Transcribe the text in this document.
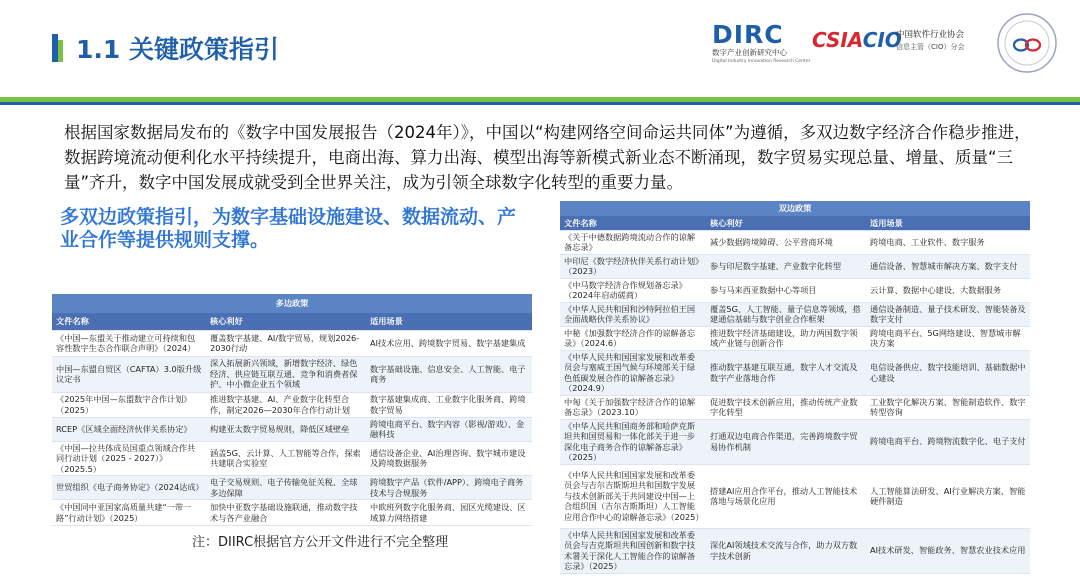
1.1 关键政策指引
DIRC
数字产业创新研究中心
Digital Industry Innovation Research Center
CSIACIO
中国软件行业协会
信息主管（CIO）分会
根据国家数据局发布的《数字中国发展报告（2024年）》，中国以“构建网络空间命运共同体”为遵循，多双边数字经济合作稳步推进，数据跨境流动便利化水平持续提升，电商出海、算力出海、模型出海等新模式新业态不断涌现，数字贸易实现总量、增量、质量“三量”齐升，数字中国发展成就受到全世界关注，成为引领全球数字化转型的重要力量。
多双边政策指引，为数字基础设施建设、数据流动、产业合作等提供规则支撑。
多边政策		
文件名称	核心利好	适用场景
《中国—东盟关于推动建立可持续和包容性数字生态合作联合声明》（2024）	覆盖数字基建、AI/数字贸易，规划2026-2030行动	AI技术应用、跨境数字贸易、数字基建集成
中国—东盟自贸区（CAFTA）3.0版升级议定书	深入拓展新兴领域，新增数字经济、绿色经济、供应链互联互通、竞争和消费者保护、中小微企业五个领域	数字基础设施、信息安全、人工智能、电子商务
《2025年中国—东盟数字合作计划》（2025）	推进数字基建、AI、产业数字化转型合作，制定2026—2030年合作行动计划	数字基建集成商、工业数字化服务商、跨境数字贸易
RCEP《区域全面经济伙伴关系协定》	构建亚太数字贸易规则，降低区域壁垒	跨境电商平台、数字内容（影视/游戏）、金融科技
《中国—拉共体成员国重点领域合作共同行动计划（2025 - 2027）》（2025.5）	涵盖5G、云计算、人工智能等合作，探索共建联合实验室	通信设备企业、AI治理咨询、数字城市建设及跨境数据服务
世贸组织《电子商务协定》（2024达成）	电子交易规则、电子传输免征关税、全球多边保障	跨境数字产品（软件/APP）、跨境电子商务技术与合规服务
《中国同中亚国家高质量共建“一带一路”行动计划》（2025）	加快中亚数字基础设施联通，推动数字技术与各产业融合	中欧班列数字化服务商、园区光缆建设、区域算力网络搭建
双边政策		
文件名称	核心利好	适用场景
《关于中德数据跨境流动合作的谅解备忘录》	减少数据跨境障碍、公平营商环境	跨境电商、工业软件、数字服务
中印尼《数字经济伙伴关系行动计划》（2023）	参与印尼数字基建、产业数字化转型	通信设备、智慧城市解决方案、数字支付
《中马数字经济合作规划备忘录》（2024年启动磋商）	参与马来西亚数据中心等项目	云计算、数据中心建设、大数据服务
《中华人民共和国和沙特阿拉伯王国全面战略伙伴关系协议》	覆盖5G、人工智能、量子信息等领域，搭建通信基础与数字创业合作框架	通信设备制造、量子技术研发、智能装备及数字支付
中秘《加强数字经济合作的谅解备忘录》（2024.6）	推进数字经济基础建设，助力两国数字领域产业链与创新合作	跨境电商平台、5G网络建设、智慧城市解决方案
《中华人民共和国国家发展和改革委员会与塞威王国气候与环境部关于绿色低碳发展合作的谅解备忘录》（2024.9）	推动数字基建互联互通，数字人才交流及数字产业落地合作	电信设备供应、数字技能培训、基础数据中心建设
中匈《关于加强数字经济合作的谅解备忘录》（2023.10）	促进数字技术创新应用，推动传统产业数字化转型	工业数字化解决方案、智能制造软件、数字转型咨询
《中华人民共和国商务部和哈萨克斯坦共和国贸易和一体化部关于进一步深化电子商务合作的谅解备忘录》（2025）	打通双边电商合作渠道，完善跨境数字贸易协作机制	跨境电商平台、跨境物流数字化、电子支付
《中华人民共和国国家发展和改革委员会与吉尔吉斯斯坦共和国数字发展与技术创新部关于共同建设中国—上合组织国（吉尔吉斯斯坦）人工智能应用合作中心的谅解备忘录》（2025）	搭建AI应用合作平台，推动人工智能技术落地与场景化应用	人工智能算法研发、AI行业解决方案、智能硬件制造
《中华人民共和国国家发展和改革委员会与吉克斯坦共和国创新和数字技术署关于深化人工智能合作的谅解备忘录》（2025）	深化AI领域技术交流与合作，助力双方数字技术创新	AI技术研发、智能政务、智慧农业技术应用
注：DIIRC根据官方公开文件进行不完全整理
